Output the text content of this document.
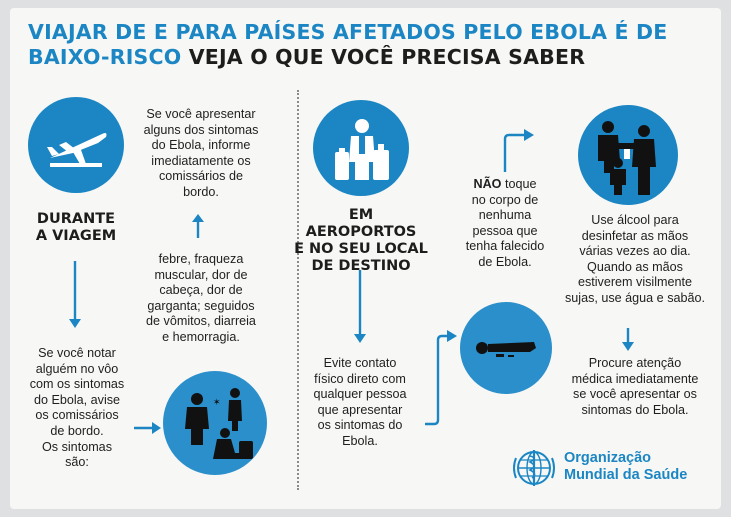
VIAJAR DE E PARA PAÍSES AFETADOS PELO EBOLA É DE BAIXO-RISCO VEJA O QUE VOCÊ PRECISA SABER
Se você apresentar
alguns dos sintomas
do Ebola, informe
imediatamente os
comissários de
bordo.
DURANTE
A VIAGEM
febre, fraqueza
muscular, dor de
cabeça, dor de
garganta; seguidos
de vômitos, diarreia
e hemorragia.
Se você notar
alguém no vôo
com os sintomas
do Ebola, avise
os comissários
de bordo.
Os sintomas
são:
✶
EM AEROPORTOS
E NO SEU LOCAL
DE DESTINO
Evite contato
físico direto com
qualquer pessoa
que apresentar
os sintomas do
Ebola.
NÃO toque
no corpo de
nenhuma
pessoa que
tenha falecido
de Ebola.
Use álcool para
desinfetar as mãos
várias vezes ao dia.
Quando as mãos
estiverem visilmente
sujas, use água e sabão.
Procure atenção
médica imediatamente
se você apresentar os
sintomas do Ebola.
Organização
Mundial da Saúde
